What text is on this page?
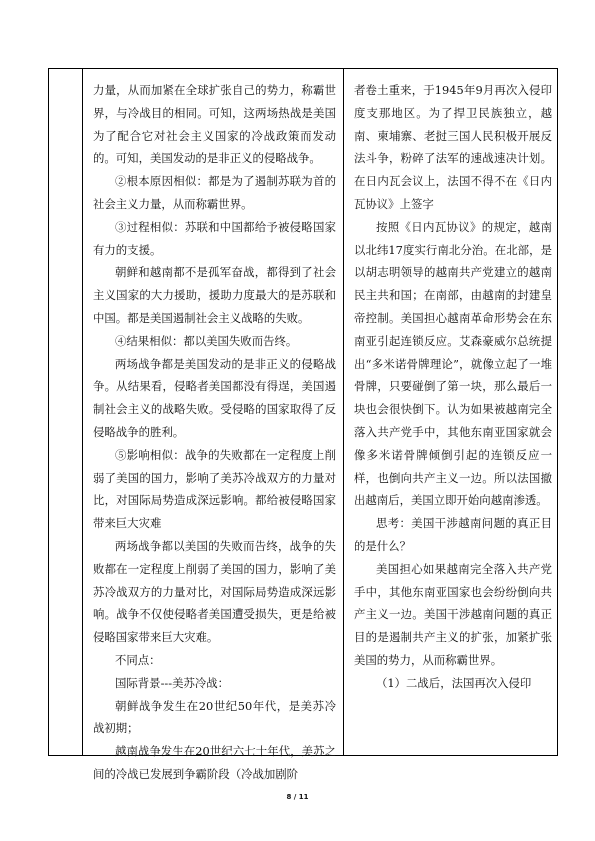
力量，从而加紧在全球扩张自己的势力，称霸世界，与冷战目的相同。可知，这两场热战是美国为了配合它对社会主义国家的冷战政策而发动的。可知，美国发动的是非正义的侵略战争。

②根本原因相似：都是为了遏制苏联为首的社会主义力量，从而称霸世界。

③过程相似：苏联和中国都给予被侵略国家有力的支援。

朝鲜和越南都不是孤军奋战，都得到了社会主义国家的大力援助，援助力度最大的是苏联和中国。都是美国遏制社会主义战略的失败。

④结果相似：都以美国失败而告终。

两场战争都是美国发动的是非正义的侵略战争。从结果看，侵略者美国都没有得逞，美国遏制社会主义的战略失败。受侵略的国家取得了反侵略战争的胜利。

⑤影响相似：战争的失败都在一定程度上削弱了美国的国力，影响了美苏冷战双方的力量对比，对国际局势造成深远影响。都给被侵略国家带来巨大灾难

两场战争都以美国的失败而告终，战争的失败都在一定程度上削弱了美国的国力，影响了美苏冷战双方的力量对比，对国际局势造成深远影响。战争不仅使侵略者美国遭受损失，更是给被侵略国家带来巨大灾难。

不同点：

国际背景---美苏冷战：

朝鲜战争发生在20世纪50年代，是美苏冷战初期；

越南战争发生在20世纪六七十年代，美苏之间的冷战已发展到争霸阶段（冷战加剧阶

者卷土重来，于1945年9月再次入侵印度支那地区。为了捍卫民族独立，越南、柬埔寨、老挝三国人民积极开展反法斗争，粉碎了法军的速战速决计划。在日内瓦会议上，法国不得不在《日内瓦协议》上签字

按照《日内瓦协议》的规定，越南以北纬17度实行南北分治。在北部，是以胡志明领导的越南共产党建立的越南民主共和国；在南部，由越南的封建皇帝控制。美国担心越南革命形势会在东南亚引起连锁反应。艾森豪威尔总统提出“多米诺骨牌理论”，就像立起了一堆骨牌，只要碰倒了第一块，那么最后一块也会很快倒下。认为如果被越南完全落入共产党手中，其他东南亚国家就会像多米诺骨牌倾倒引起的连锁反应一样，也倒向共产主义一边。所以法国撤出越南后，美国立即开始向越南渗透。

思考：美国干涉越南问题的真正目的是什么？

美国担心如果越南完全落入共产党手中，其他东南亚国家也会纷纷倒向共产主义一边。美国干涉越南问题的真正目的是遏制共产主义的扩张，加紧扩张美国的势力，从而称霸世界。

（1）二战后，法国再次入侵印

8 / 11
